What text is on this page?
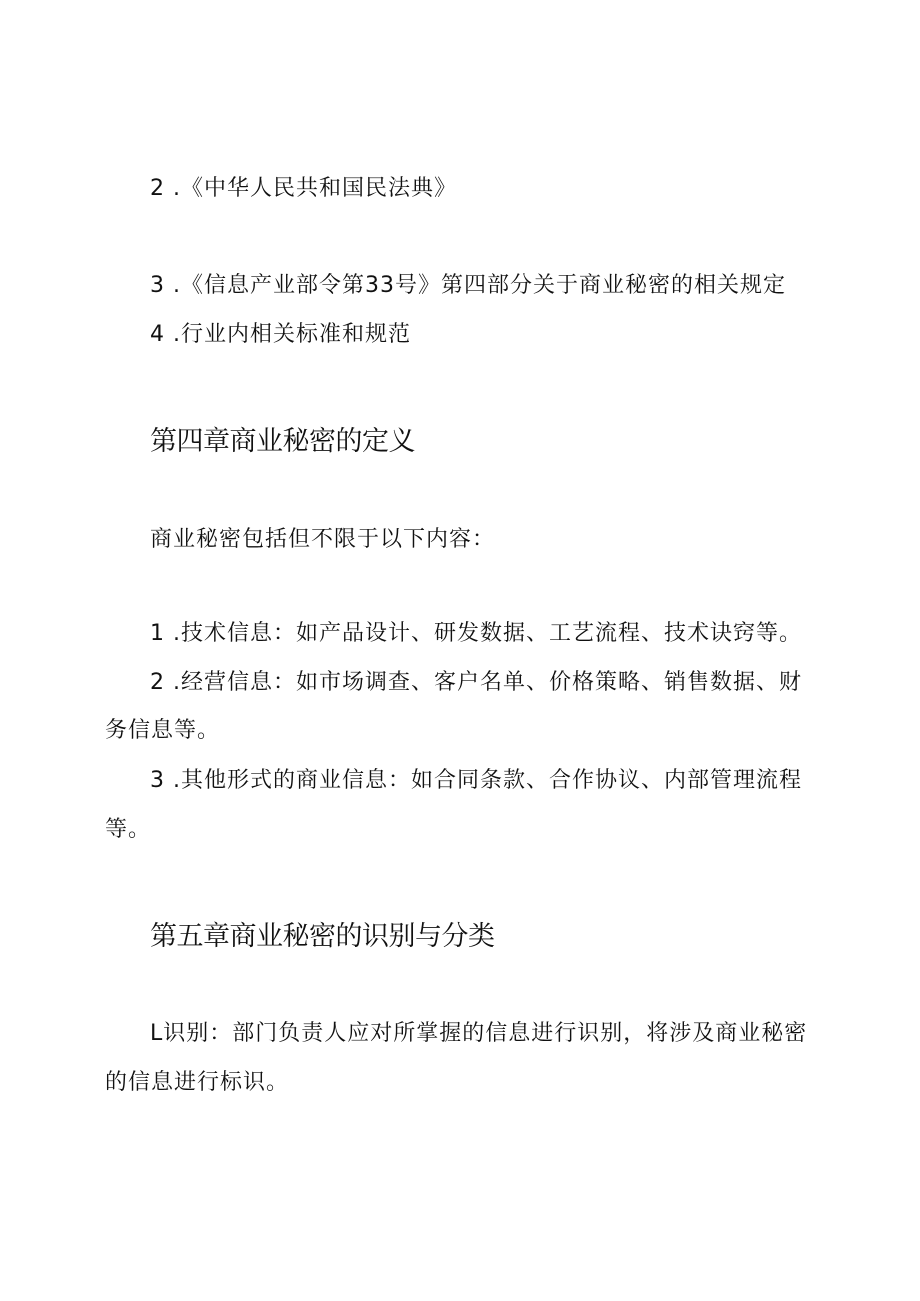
2 .《中华人民共和国民法典》
3 .《信息产业部令第33号》第四部分关于商业秘密的相关规定
4 .行业内相关标准和规范
第四章商业秘密的定义
商业秘密包括但不限于以下内容：
1 .技术信息：如产品设计、研发数据、工艺流程、技术诀窍等。
2 .经营信息：如市场调查、客户名单、价格策略、销售数据、财
务信息等。
3 .其他形式的商业信息：如合同条款、合作协议、内部管理流程
等。
第五章商业秘密的识别与分类
L识别：部门负责人应对所掌握的信息进行识别，将涉及商业秘密
的信息进行标识。
